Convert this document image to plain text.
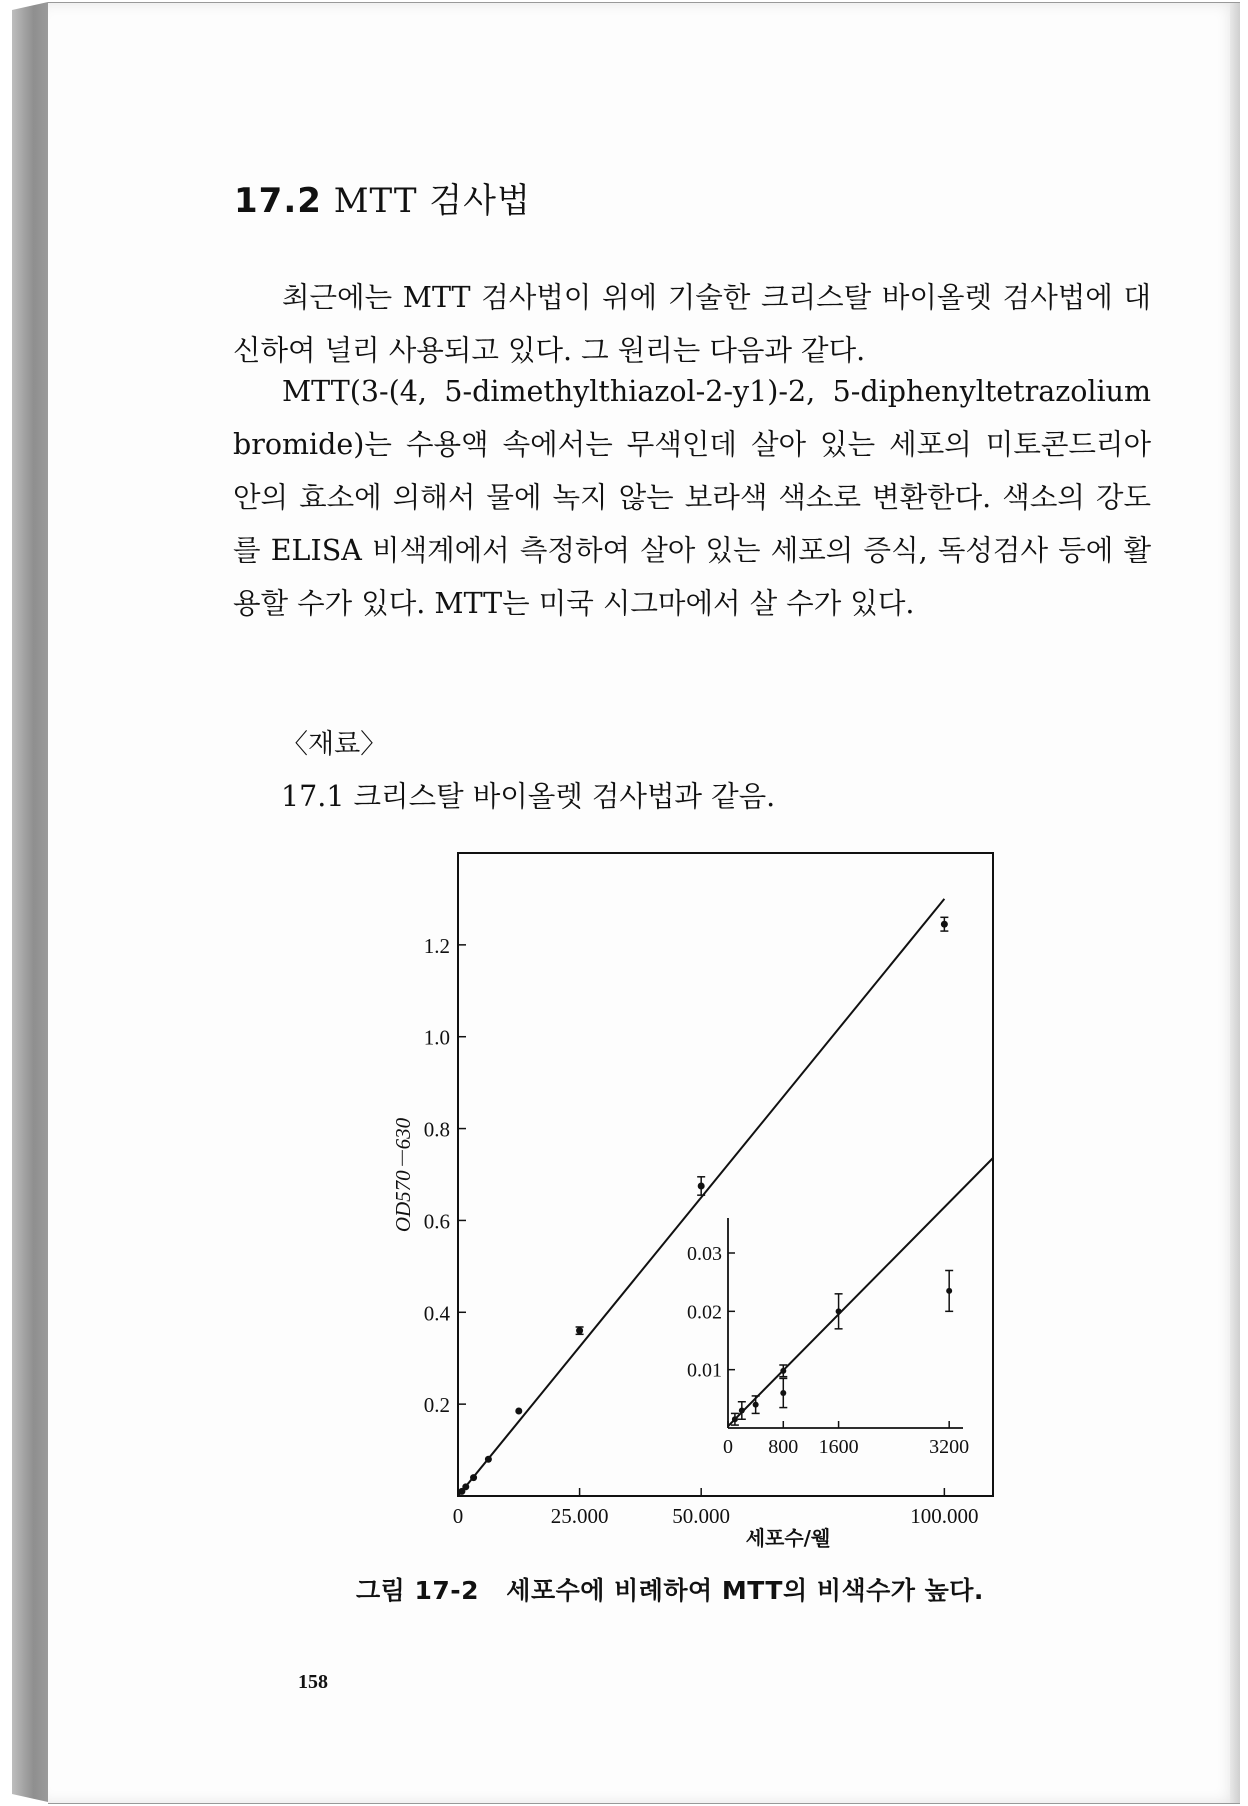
17.2 MTT 검사법

최근에는 MTT 검사법이 위에 기술한 크리스탈 바이올렛 검사법에 대신하여 널리 사용되고 있다. 그 원리는 다음과 같다.

MTT(3-(4, 5-dimethylthiazol-2-y1)-2, 5-diphenyltetrazolium bromide)는 수용액 속에서는 무색인데 살아 있는 세포의 미토콘드리아 안의 효소에 의해서 물에 녹지 않는 보라색 색소로 변환한다. 색소의 강도를 ELISA 비색계에서 측정하여 살아 있는 세포의 증식, 독성검사 등에 활용할 수가 있다. MTT는 미국 시그마에서 살 수가 있다.

〈재료〉

17.1 크리스탈 바이올렛 검사법과 같음.

0.2
0.4
0.6
0.8
1.0
1.2
0	25.000	50.000	100.000
세포수/웰
OD570－630
0.01
0.02
0.03
0 800 1600	3200

그림 17-2 세포수에 비례하여 MTT의 비색수가 높다.

158
